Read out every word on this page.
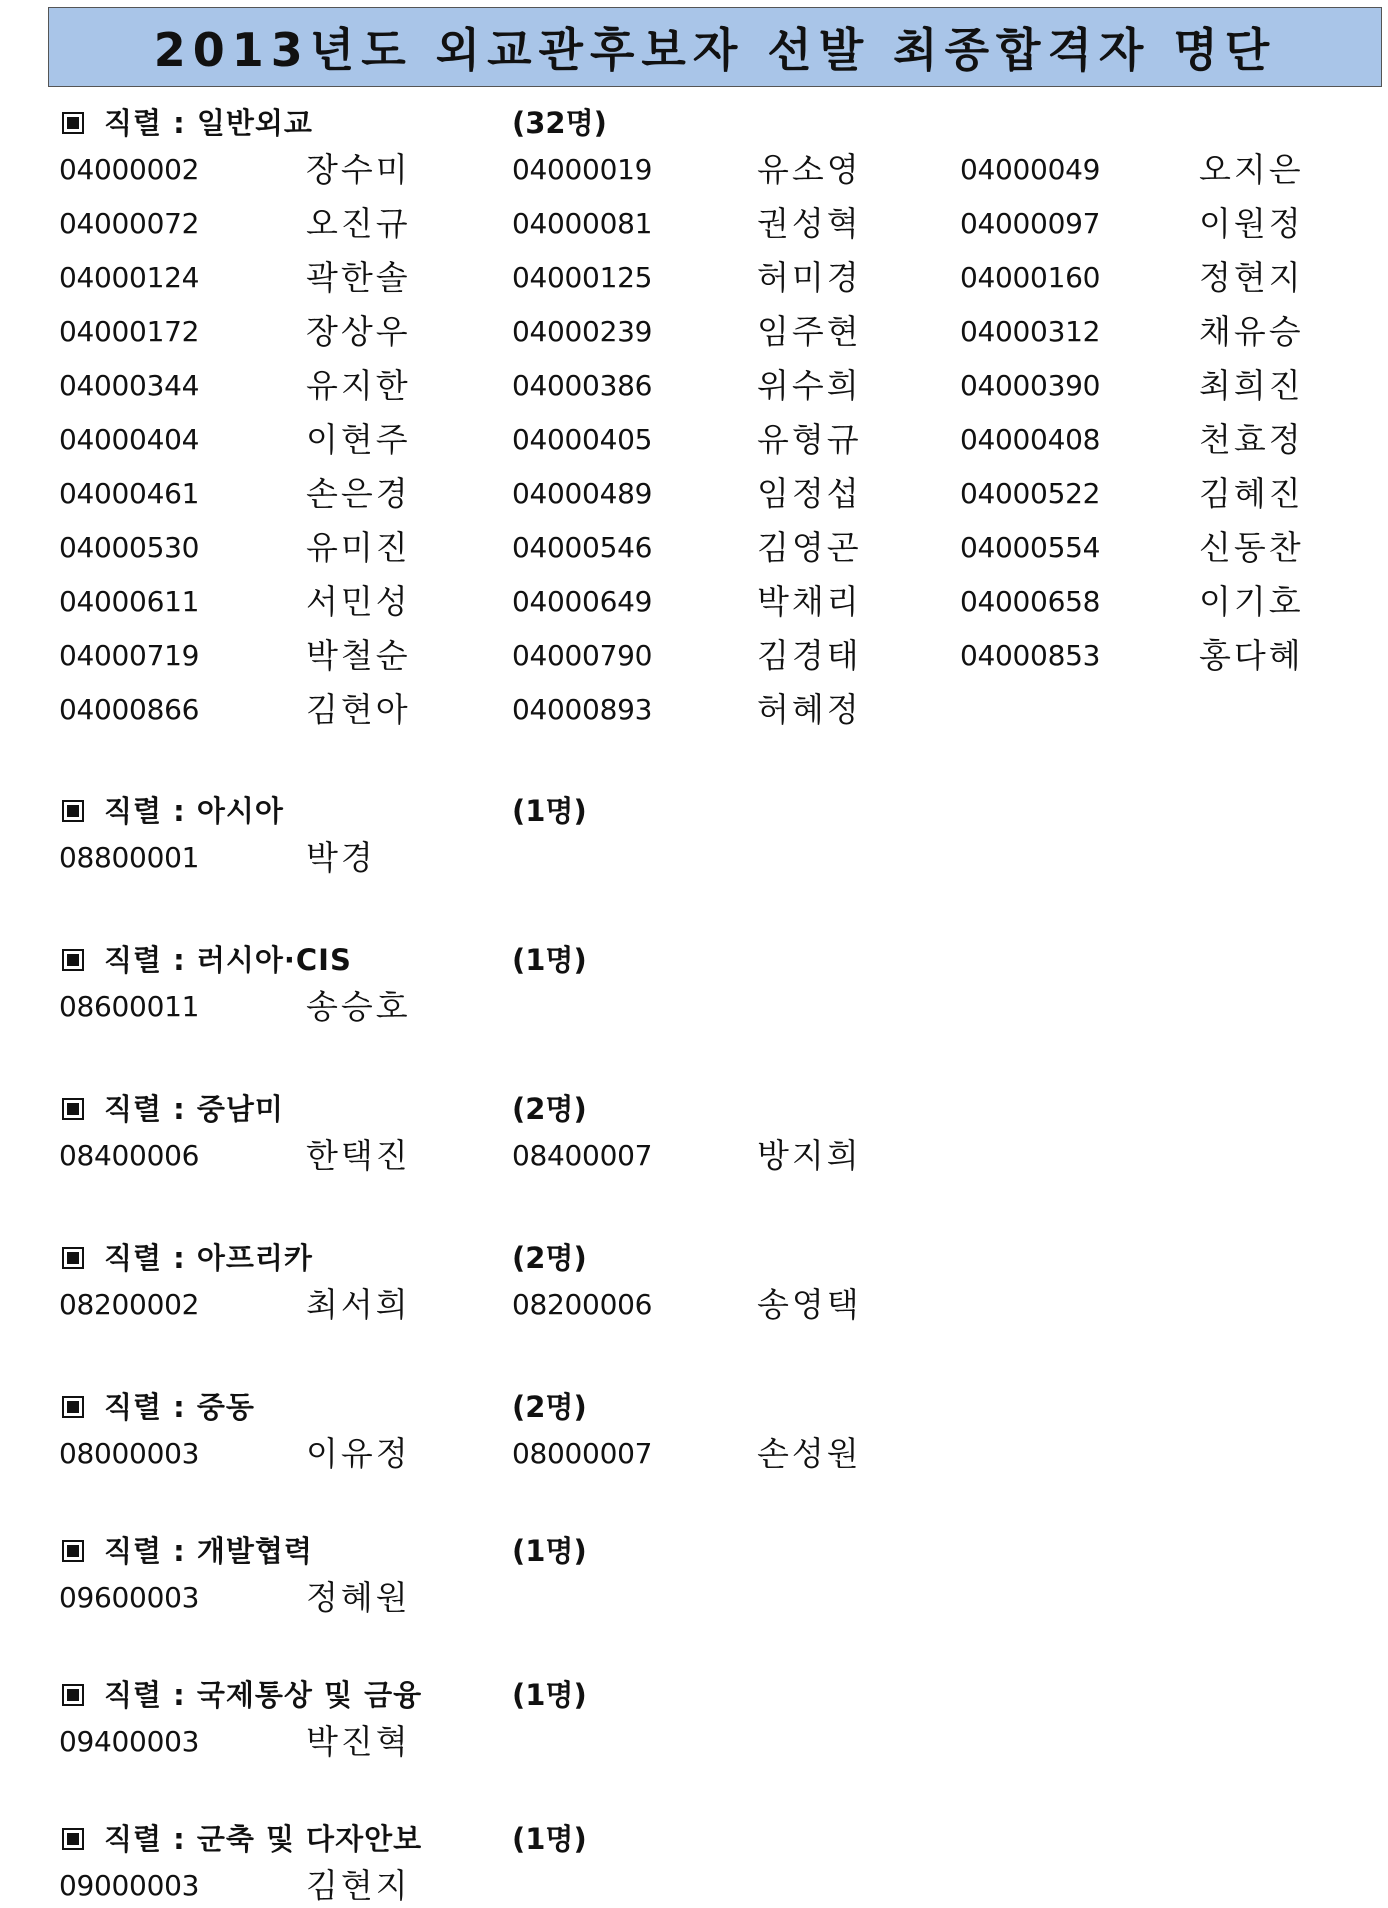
2013년도 외교관후보자 선발 최종합격자 명단
직렬 : 일반외교	(32명)
04000002	장수미	04000019	유소영	04000049	오지은
04000072	오진규	04000081	권성혁	04000097	이원정
04000124	곽한솔	04000125	허미경	04000160	정현지
04000172	장상우	04000239	임주현	04000312	채유승
04000344	유지한	04000386	위수희	04000390	최희진
04000404	이현주	04000405	유형규	04000408	천효정
04000461	손은경	04000489	임정섭	04000522	김혜진
04000530	유미진	04000546	김영곤	04000554	신동찬
04000611	서민성	04000649	박채리	04000658	이기호
04000719	박철순	04000790	김경태	04000853	홍다혜
04000866	김현아	04000893	허혜정
직렬 : 아시아	(1명)
08800001	박경
직렬 : 러시아·CIS	(1명)
08600011	송승호
직렬 : 중남미	(2명)
08400006	한택진	08400007	방지희
직렬 : 아프리카	(2명)
08200002	최서희	08200006	송영택
직렬 : 중동	(2명)
08000003	이유정	08000007	손성원
직렬 : 개발협력	(1명)
09600003	정혜원
직렬 : 국제통상 및 금융	(1명)
09400003	박진혁
직렬 : 군축 및 다자안보	(1명)
09000003	김현지
